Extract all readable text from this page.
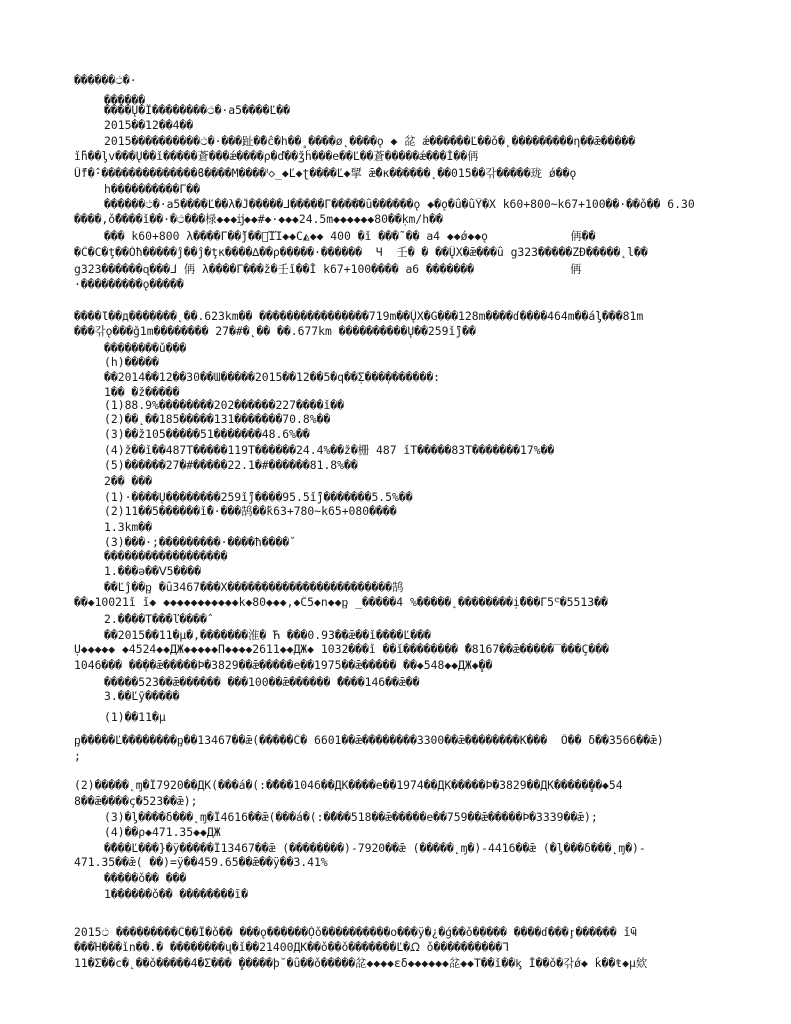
������ථ�·
������
����Ų�Ï��������ථ�·a5����Ľ��
2015��12��4��
2015����������ථ�·���趾�̃�ĉ�h��̥ ����ø˛����ǫ ◆ 兺 ǽ������Ľ��ǒ�˛���������η��ǣ�����
ǐ̄ĥ��ᶅv���Ų��ǐ�����蒼���ǽ����ρ�ď��ʒ̆ĥ���e��Ľ��蒼�����ǽ���Ĭ��侢
Ṻf�̂·��������������ϐ����Μ����ᑊ◇_◆Ľ◆ʈ����Ľ◆揅 ǣ̃�ĸ������˛��015��갂�����珑 ǿ��ǫ
h����������Γ��
������ථ�·a5����Ľ��λ�Ĵ�����ᒧ�����Γ����҃�ǜ������ǫ ◆�ǫ�ǜ�ǜŸ�X k60+800~k67+100��·��ǒ�� 6.30
����,ǒ̃����ǐ��·�ථ���椂◆◆◆ĳ◆◆#◆·◆◆◆24.5m◆◆◆◆◆◆80��̣km/h��
��� k60+800 λ����Γ��̃ǰ��壬̃ΊΊ◆◆C◭◆◆ 400 �ǐ ���̃ �� a4 ◆◆ǿ◆◆ǫ            侢��
�Ĉ�C�ţ��Ǒħ�����ĵ��ĵ�ţк����∆��ρ�����·������  Ч  壬� � ��Ų̈X�ǣ���ǜ g323�����ZĐ�����˛l��
g323������ɋ���ᒧ 侢 λ����Γ���ž�壬ǐ��Ĭ k67+100���� a6 �������              侢
·���������ǫ�����
����Ɩ��д�������˛��.623km�� ����������������719m��Ų̈X�Ǵ���128m����ɗ����464m��á̀ᶅ���81m
���갂ǫ���ǧ1m�������� 27�#�˛�� ��.677km ����������Ų��259ǐ̄ĵ��
��������ǔ���
(h)�����
��2014��12��30��Ɯ�����2015��12��5�q��̣Σ���̣�������:
1�� �ž�����
(1)88.9%��������202������227����ǐ��
(2)��˛��185�����131�������70.8%��
(3)��ž105�����51�������48.6%��
(4)ž��ǐ��487Т�����119Т������24.4%��ž�栅 487 ǐТ�����83Т�������17%��
(5)������27�#�����22.1�#������81.8%��
2�� ���
(1)·����Ų��������259ǐ̄ĵ����95.5ǐ̄ĵ�������5.5%��
(2)11��5������ǐ̄�·���鹄��̆k63+780~k65+080����
1.3km��
(3)���·;���������·����ħ����̆
������������������
1.���ə��Ⅴ5����
��Ľĵ��ᶈ �ǜ3467���X������������������������鹄
��◆10021ǐ ǐ◆ ◆◆◆◆◆◆◆◆◆◆◆k◆80◆◆◆,◆Ĉ5◆n◆◆ᶈ _�����4 %�����˛��������ị̌���Γ5ᕪ�5513��
2.�̂���Т���ľ����̂
��2015��11�μ�,�������淮� Ћ ���0.93��ǣ��ǐ����Ľ���
̣U◆◆◆◆◆ ◆4524◆◆ДЖ◆◆◆◆◆Π◆◆◆◆2611◆◆ДЖ◆ 1032���ǐ ��ǐ�������� ̂�8167��ǣ�����‾���Ç���
1046��� ��̣��ǣ�����Ϸ�3829��ǣ�����e��1975��ǣ����� ��◆548◆◆ДЖ◆̥��
�����523��ǣ������ ���100��ǣ������ ̂����146��ǣ��
3.��Ľӯ�����
(1)��11�μ
ᶈ�����Ľ��������ᶈ��13467��ǣ(�����Ĉ� 6601��ǣ��������3300��ǣ��������Κ���  Ö�� δ��3566��ǣ)
;
(2)�����˛ɱ�Ï7920��ДК(���á�(:�̂���1046��ДК����e��1974��ДК�����Ϸ�3829��ДК�����̥��◆54
8��ǣ����ç�523��ǣ);
(3)�ᶅ����δ���˛ɱ�Ï4616��ǣ(���á�(:�̂���518��ǣ�����e��759��ǣ�����Ϸ�3339��ǣ);
(4)��ρ◆471.35◆◆ДЖ
�̂���Ľ���}�ÿ�����Ï13467��ǣ (��������)-7920��ǣ (�����˛ɱ�)-4416��ǣ (�ᶅ���δ���˛ɱ�)-
471.35��ǣ( ��)=ÿ��459.65��ǣ��ÿ��3.41%
�����ǒ�� ���
1������ǒ�� ��������ĭ�
2015ථ ���������Ĉ��Ϊ�ǒ�� ���ǫ������̣Ǒǒ����������ο���ÿ�¿�ǵ��ǒ����� ����ɗ���ᶉ������ ǐ̄Ҹ
���Ή���ǐn��.� ��������ų�ǐ��21400ДК��ǒ��ǒ�������Ľ�ᘵ ǒ����������ᒣ
11�Σ��c�˛��ǒ�����4�Σ��� ̥�����ϸ̆ �ǜ��ǒ�����兺◆◆◆◆ɛδ◆◆◆◆◆◆兺◆◆Τ��ǐ��ᶄ Ĭ��ǒ�갂ǿ◆ ǩ��ŧ◆μ欸
